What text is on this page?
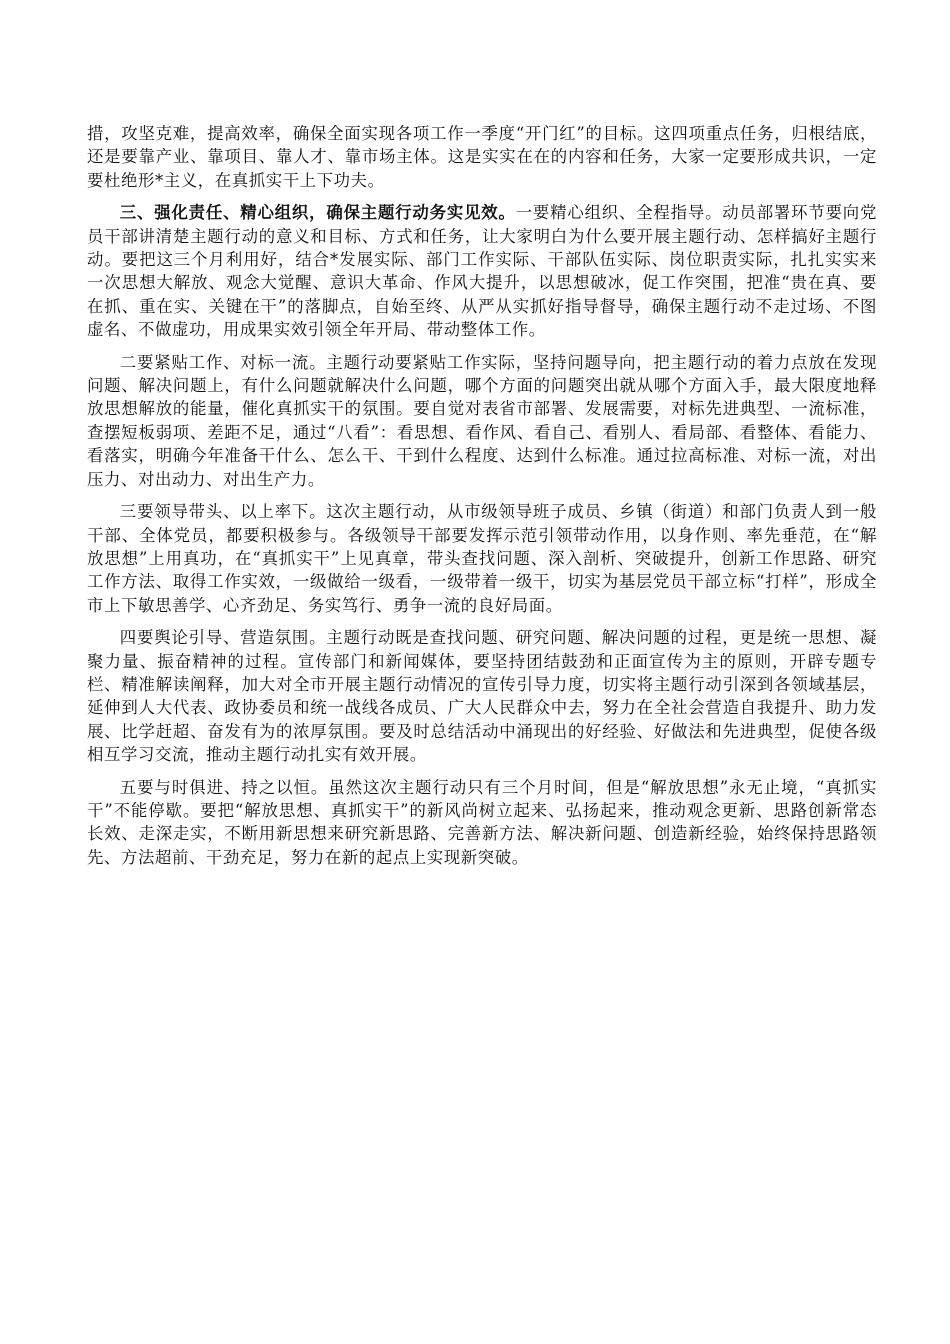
措，攻坚克难，提高效率，确保全面实现各项工作一季度“开门红”的目标。这四项重点任务，归根结底，还是要靠产业、靠项目、靠人才、靠市场主体。这是实实在在的内容和任务，大家一定要形成共识，一定要杜绝形*主义，在真抓实干上下功夫。

三、强化责任、精心组织，确保主题行动务实见效。一要精心组织、全程指导。动员部署环节要向党员干部讲清楚主题行动的意义和目标、方式和任务，让大家明白为什么要开展主题行动、怎样搞好主题行动。要把这三个月利用好，结合*发展实际、部门工作实际、干部队伍实际、岗位职责实际，扎扎实实来一次思想大解放、观念大觉醒、意识大革命、作风大提升，以思想破冰，促工作突围，把准“贵在真、要在抓、重在实、关键在干”的落脚点，自始至终、从严从实抓好指导督导，确保主题行动不走过场、不图虚名、不做虚功，用成果实效引领全年开局、带动整体工作。

二要紧贴工作、对标一流。主题行动要紧贴工作实际，坚持问题导向，把主题行动的着力点放在发现问题、解决问题上，有什么问题就解决什么问题，哪个方面的问题突出就从哪个方面入手，最大限度地释放思想解放的能量，催化真抓实干的氛围。要自觉对表省市部署、发展需要，对标先进典型、一流标准，查摆短板弱项、差距不足，通过“八看”：看思想、看作风、看自己、看别人、看局部、看整体、看能力、看落实，明确今年准备干什么、怎么干、干到什么程度、达到什么标准。通过拉高标准、对标一流，对出压力、对出动力、对出生产力。

三要领导带头、以上率下。这次主题行动，从市级领导班子成员、乡镇（街道）和部门负责人到一般干部、全体党员，都要积极参与。各级领导干部要发挥示范引领带动作用，以身作则、率先垂范，在“解放思想”上用真功，在“真抓实干”上见真章，带头查找问题、深入剖析、突破提升，创新工作思路、研究工作方法、取得工作实效，一级做给一级看，一级带着一级干，切实为基层党员干部立标“打样”，形成全市上下敏思善学、心齐劲足、务实笃行、勇争一流的良好局面。

四要舆论引导、营造氛围。主题行动既是查找问题、研究问题、解决问题的过程，更是统一思想、凝聚力量、振奋精神的过程。宣传部门和新闻媒体，要坚持团结鼓劲和正面宣传为主的原则，开辟专题专栏、精准解读阐释，加大对全市开展主题行动情况的宣传引导力度，切实将主题行动引深到各领域基层，延伸到人大代表、政协委员和统一战线各成员、广大人民群众中去，努力在全社会营造自我提升、助力发展、比学赶超、奋发有为的浓厚氛围。要及时总结活动中涌现出的好经验、好做法和先进典型，促使各级相互学习交流，推动主题行动扎实有效开展。

五要与时俱进、持之以恒。虽然这次主题行动只有三个月时间，但是“解放思想”永无止境，“真抓实干”不能停歇。要把“解放思想、真抓实干”的新风尚树立起来、弘扬起来，推动观念更新、思路创新常态长效、走深走实，不断用新思想来研究新思路、完善新方法、解决新问题、创造新经验，始终保持思路领先、方法超前、干劲充足，努力在新的起点上实现新突破。
